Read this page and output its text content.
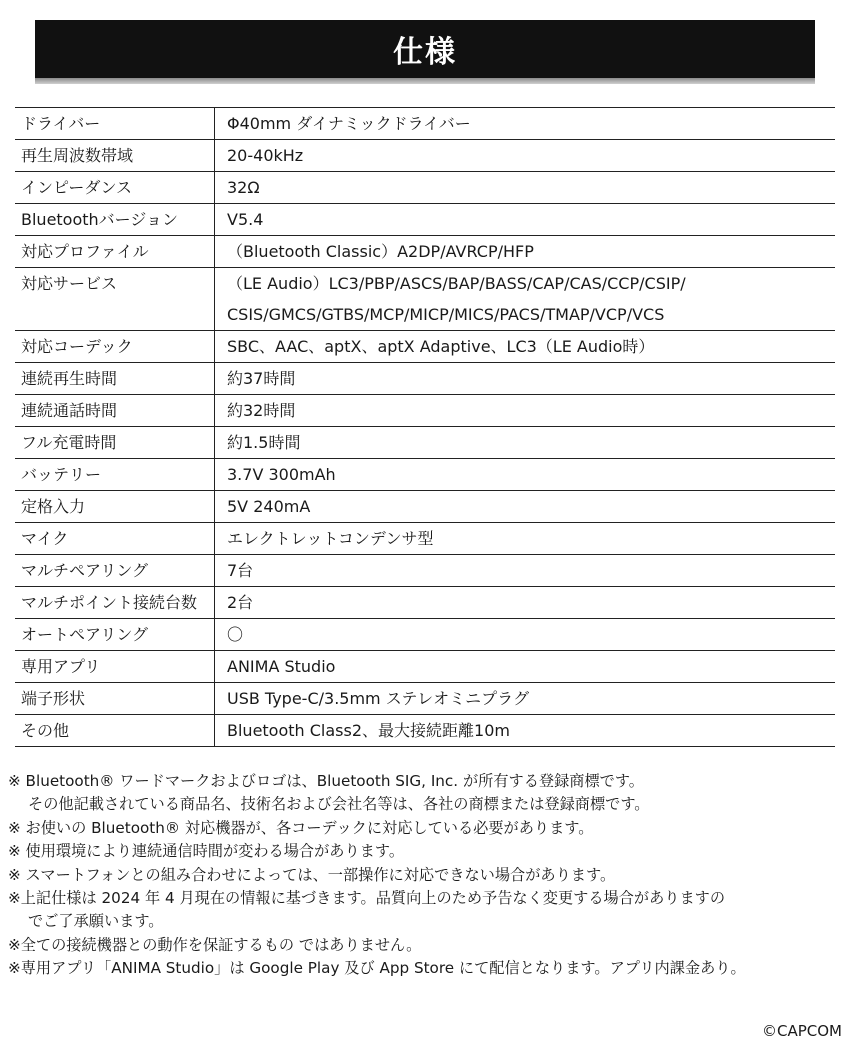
仕様
ドライバー	Φ40mm ダイナミックドライバー

再生周波数帯域	20-40kHz

インピーダンス	32Ω

Bluetoothバージョン	V5.4

対応プロファイル	（Bluetooth Classic）A2DP/AVRCP/HFP

対応サービス	（LE Audio）LC3/PBP/ASCS/BAP/BASS/CAP/CAS/CCP/CSIP/
CSIS/GMCS/GTBS/MCP/MICP/MICS/PACS/TMAP/VCP/VCS

対応コーデック	SBC、AAC、aptX、aptX Adaptive、LC3（LE Audio時）

連続再生時間	約37時間

連続通話時間	約32時間

フル充電時間	約1.5時間

バッテリー	3.7V 300mAh

定格入力	5V 240mA

マイク	エレクトレットコンデンサ型

マルチペアリング	7台

マルチポイント接続台数	2台

オートペアリング	〇

専用アプリ	ANIMA Studio

端子形状	USB Type-C/3.5mm ステレオミニプラグ

その他	Bluetooth Class2、最大接続距離10m
※ Bluetooth® ワードマークおよびロゴは、Bluetooth SIG, Inc. が所有する登録商標です。
その他記載されている商品名、技術名および会社名等は、各社の商標または登録商標です。
※ お使いの Bluetooth® 対応機器が、各コーデックに対応している必要があります。
※ 使用環境により連続通信時間が変わる場合があります。
※ スマートフォンとの組み合わせによっては、一部操作に対応できない場合があります。
※上記仕様は 2024 年 4 月現在の情報に基づきます。品質向上のため予告なく変更する場合がありますの
でご了承願います。
※全ての接続機器との動作を保証するもの ではありません。
※専用アプリ「ANIMA Studio」は Google Play 及び App Store にて配信となります。アプリ内課金あり。
©CAPCOM
